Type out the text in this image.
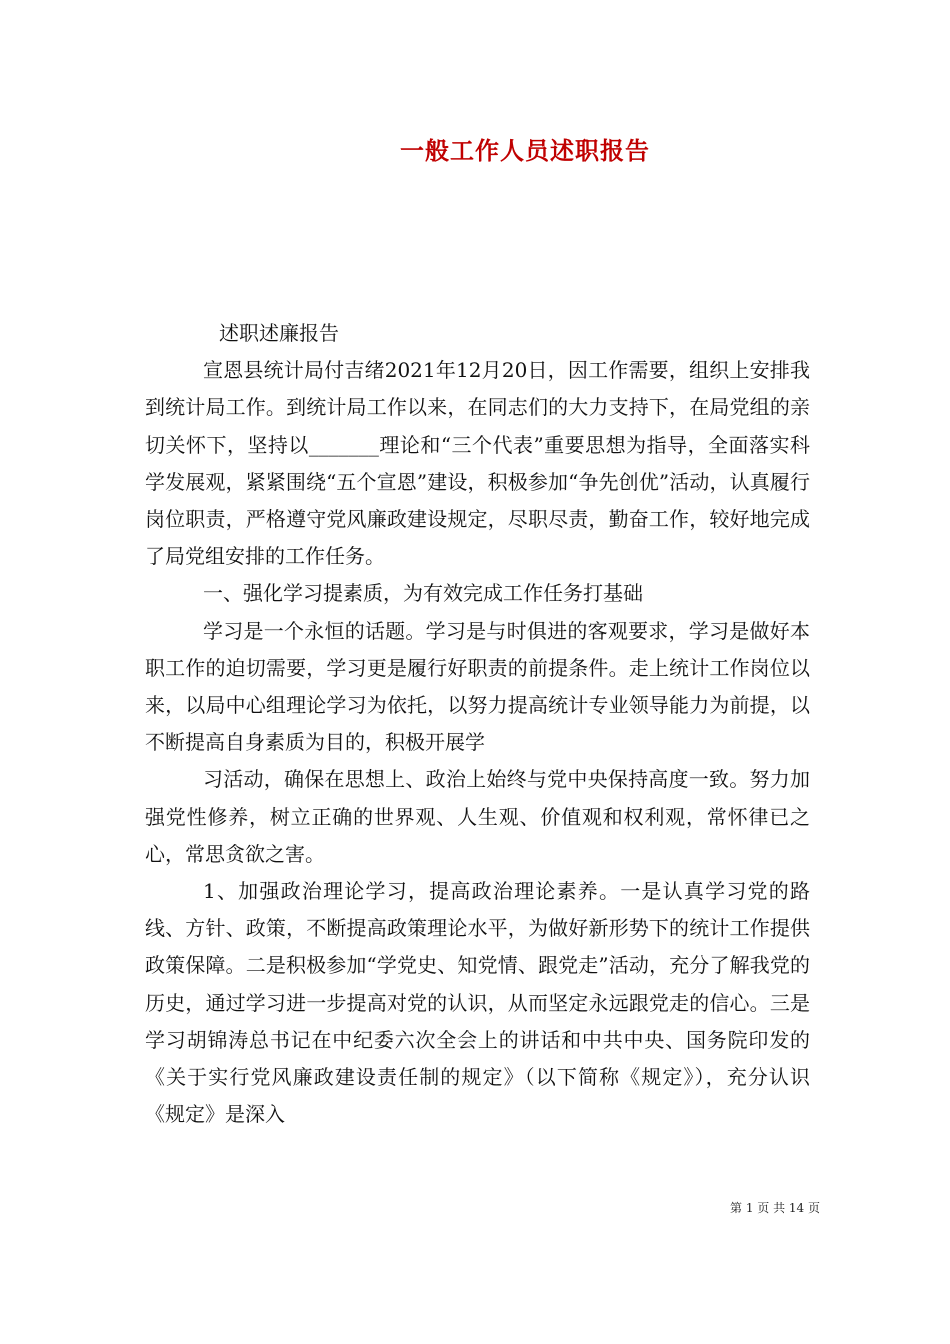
一般工作人员述职报告

述职述廉报告

宣恩县统计局付吉绪2021年12月20日，因工作需要，组织上安排我到统计局工作。到统计局工作以来，在同志们的大力支持下，在局党组的亲切关怀下，坚持以_______理论和“三个代表”重要思想为指导，全面落实科学发展观，紧紧围绕“五个宣恩”建设，积极参加“争先创优”活动，认真履行岗位职责，严格遵守党风廉政建设规定，尽职尽责，勤奋工作，较好地完成了局党组安排的工作任务。

一、强化学习提素质，为有效完成工作任务打基础

学习是一个永恒的话题。学习是与时俱进的客观要求，学习是做好本职工作的迫切需要，学习更是履行好职责的前提条件。走上统计工作岗位以来，以局中心组理论学习为依托，以努力提高统计专业领导能力为前提，以不断提高自身素质为目的，积极开展学

习活动，确保在思想上、政治上始终与党中央保持高度一致。努力加强党性修养，树立正确的世界观、人生观、价值观和权利观，常怀律已之心，常思贪欲之害。

1、加强政治理论学习，提高政治理论素养。一是认真学习党的路线、方针、政策，不断提高政策理论水平，为做好新形势下的统计工作提供政策保障。二是积极参加“学党史、知党情、跟党走”活动，充分了解我党的历史，通过学习进一步提高对党的认识，从而坚定永远跟党走的信心。三是学习胡锦涛总书记在中纪委六次全会上的讲话和中共中央、国务院印发的《关于实行党风廉政建设责任制的规定》（以下简称《规定》），充分认识《规定》是深入

第 1 页 共 14 页
